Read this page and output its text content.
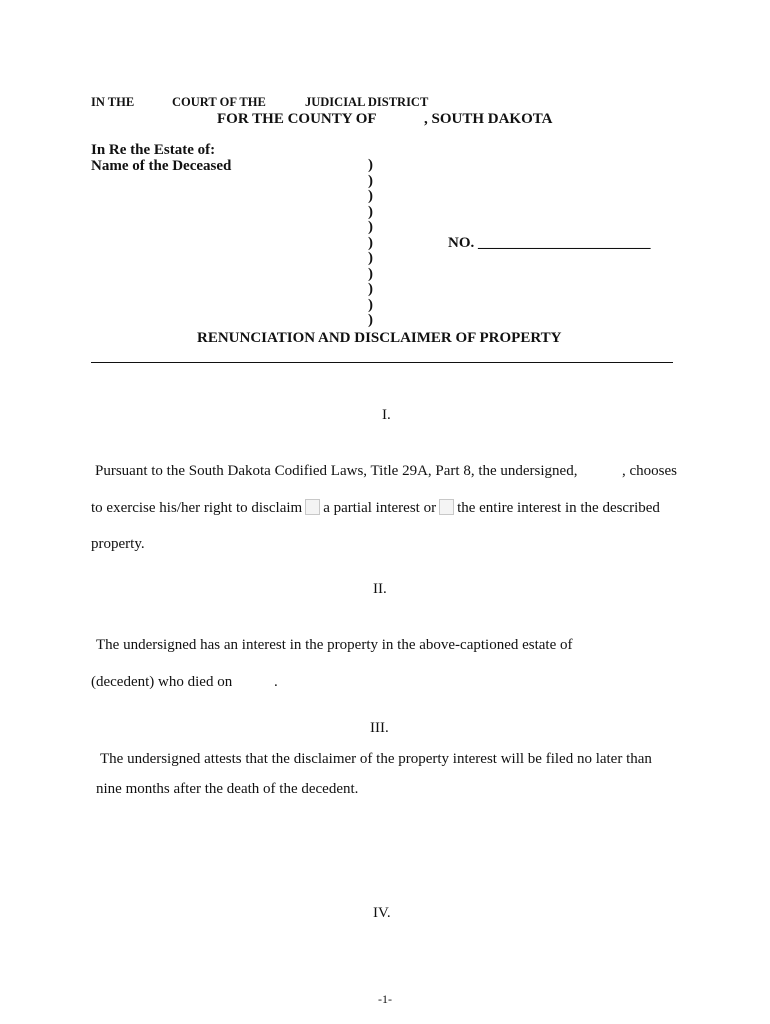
IN THE	COURT OF THE	JUDICIAL DISTRICT
FOR THE COUNTY OF	, SOUTH DAKOTA
In Re the Estate of:
Name of the Deceased	)
)
)
)
)
)
)
)
)
)
)
NO. _______________________
RENUNCIATION AND DISCLAIMER OF PROPERTY
I.
Pursuant to the South Dakota Codified Laws, Title 29A, Part 8, the undersigned,	, chooses
to exercise his/her right to disclaim a partial interest or the entire interest in the described
property.
II.
The undersigned has an interest in the property in the above-captioned estate of
(decedent) who died on	.
III.
The undersigned attests that the disclaimer of the property interest will be filed no later than
nine months after the death of the decedent.
IV.
-1-
